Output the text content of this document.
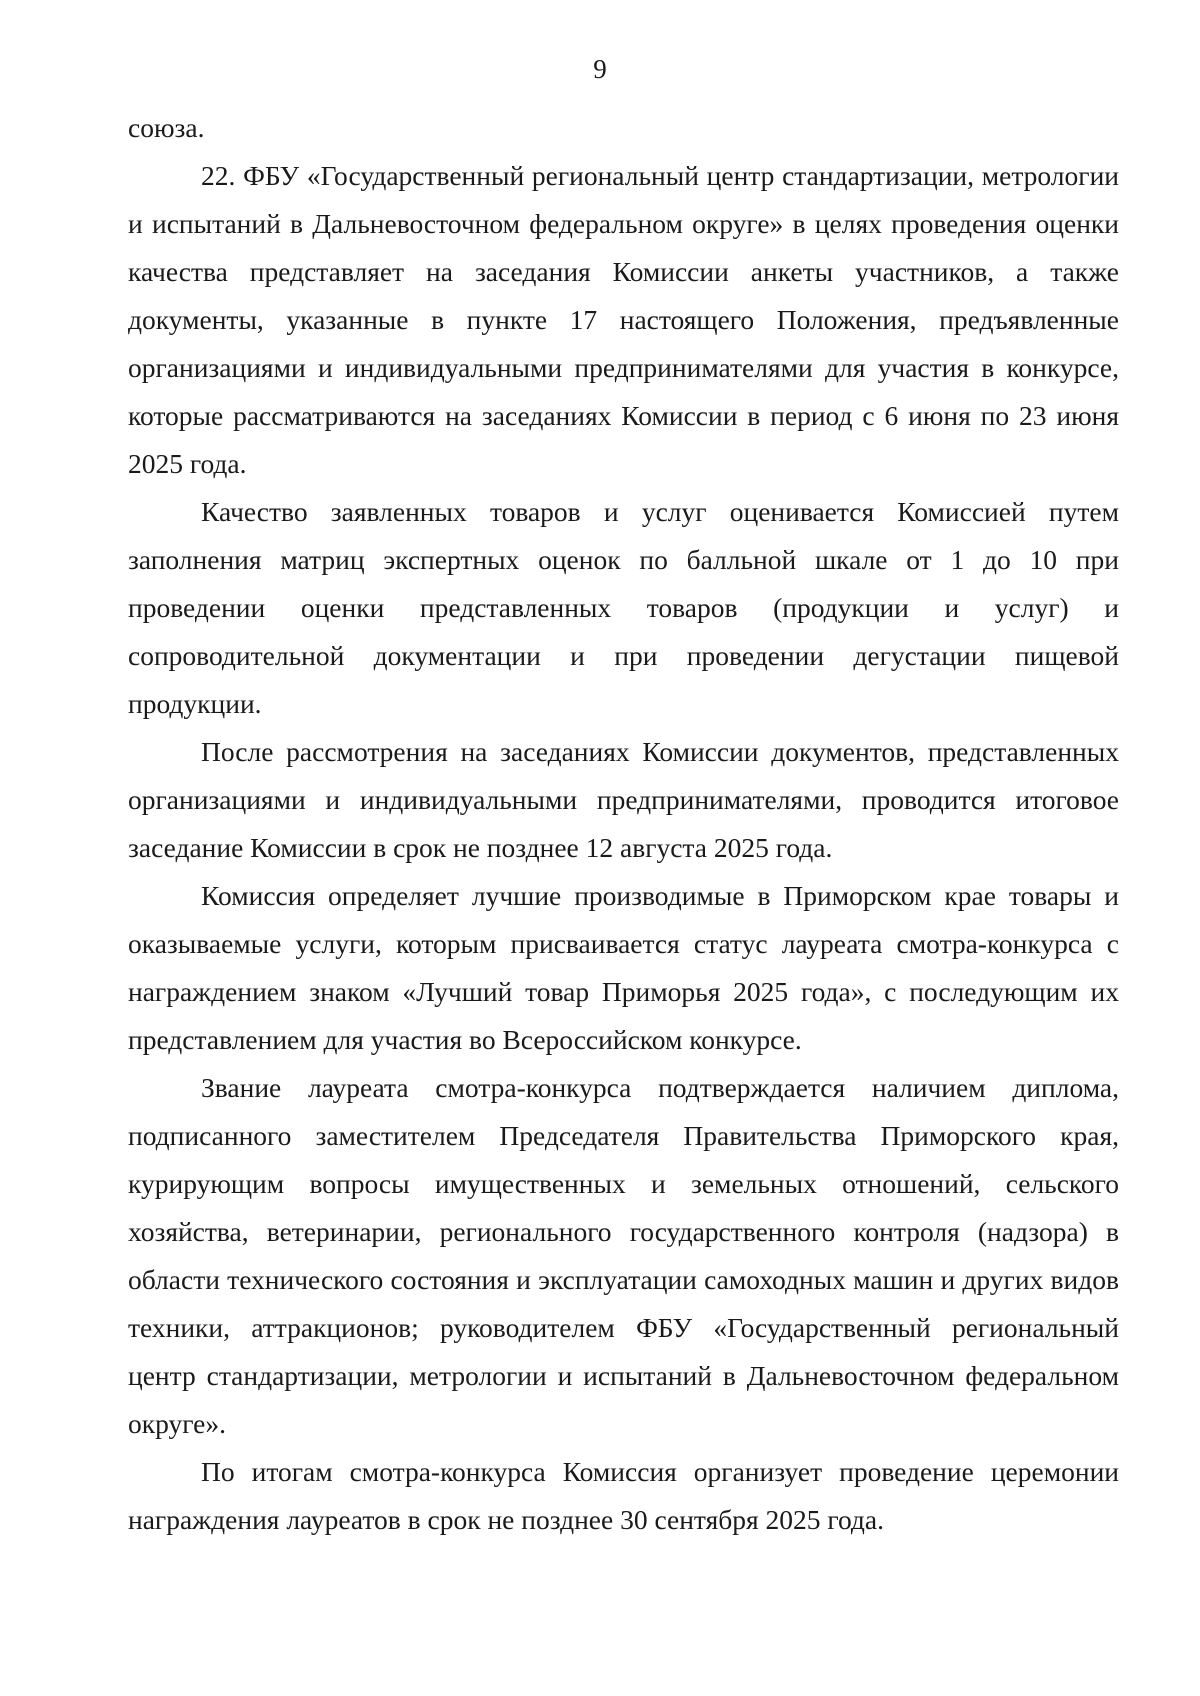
9

союза.

22. ФБУ «Государственный региональный центр стандартизации, метрологии и испытаний в Дальневосточном федеральном округе» в целях проведения оценки качества представляет на заседания Комиссии анкеты участников, а также документы, указанные в пункте 17 настоящего Положения, предъявленные организациями и индивидуальными предпринимателями для участия в конкурсе, которые рассматриваются на заседаниях Комиссии в период с 6 июня по 23 июня 2025 года.

Качество заявленных товаров и услуг оценивается Комиссией путем заполнения матриц экспертных оценок по балльной шкале от 1 до 10 при проведении оценки представленных товаров (продукции и услуг) и сопроводительной документации и при проведении дегустации пищевой продукции.

После рассмотрения на заседаниях Комиссии документов, представленных организациями и индивидуальными предпринимателями, проводится итоговое заседание Комиссии в срок не позднее 12 августа 2025 года.

Комиссия определяет лучшие производимые в Приморском крае товары и оказываемые услуги, которым присваивается статус лауреата смотра-конкурса с награждением знаком «Лучший товар Приморья 2025 года», с последующим их представлением для участия во Всероссийском конкурсе.

Звание лауреата смотра-конкурса подтверждается наличием диплома, подписанного заместителем Председателя Правительства Приморского края, курирующим вопросы имущественных и земельных отношений, сельского хозяйства, ветеринарии, регионального государственного контроля (надзора) в области технического состояния и эксплуатации самоходных машин и других видов техники, аттракционов; руководителем ФБУ «Государственный региональный центр стандартизации, метрологии и испытаний в Дальневосточном федеральном округе».

По итогам смотра-конкурса Комиссия организует проведение церемонии награждения лауреатов в срок не позднее 30 сентября 2025 года.
